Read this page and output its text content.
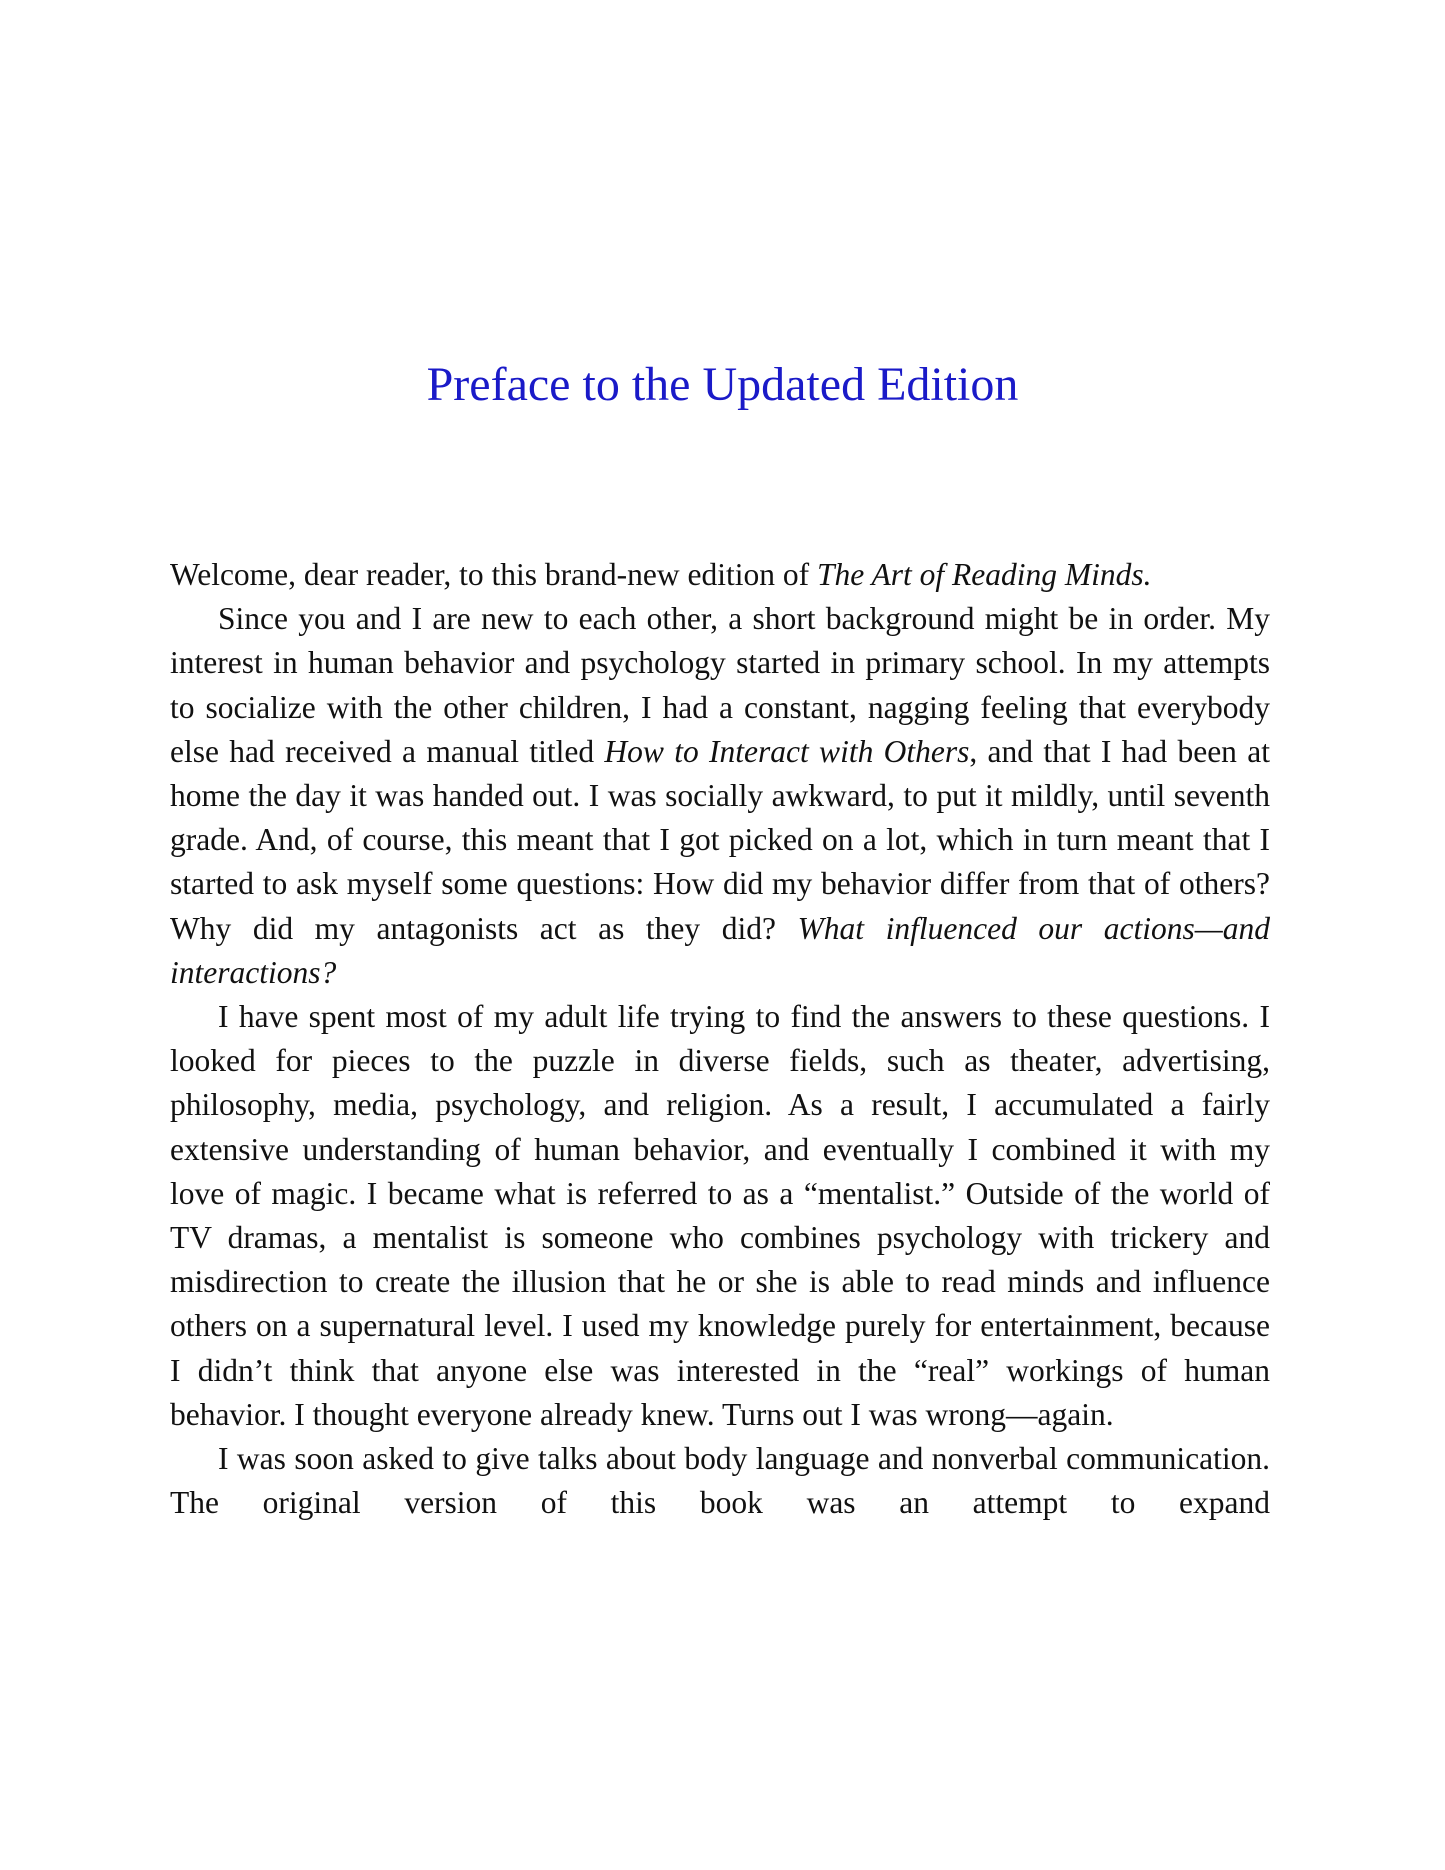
Preface to the Updated Edition

Welcome, dear reader, to this brand-new edition of The Art of Reading Minds.

Since you and I are new to each other, a short background might be in order. My interest in human behavior and psychology started in primary school. In my attempts to socialize with the other children, I had a constant, nagging feeling that everybody else had received a manual titled How to Interact with Others, and that I had been at home the day it was handed out. I was socially awkward, to put it mildly, until seventh grade. And, of course, this meant that I got picked on a lot, which in turn meant that I started to ask myself some questions: How did my behavior differ from that of others? Why did my antagonists act as they did? What influenced our actions—and interactions?

I have spent most of my adult life trying to find the answers to these questions. I looked for pieces to the puzzle in diverse fields, such as theater, advertising, philosophy, media, psychology, and religion. As a result, I accumulated a fairly extensive understanding of human behavior, and eventually I combined it with my love of magic. I became what is referred to as a “mentalist.” Outside of the world of TV dramas, a mentalist is someone who combines psychology with trickery and misdirection to create the illusion that he or she is able to read minds and influence others on a supernatural level. I used my knowledge purely for entertainment, because I didn’t think that anyone else was interested in the “real” workings of human behavior. I thought everyone already knew. Turns out I was wrong—again.

I was soon asked to give talks about body language and nonverbal communication. The original version of this book was an attempt to expand
